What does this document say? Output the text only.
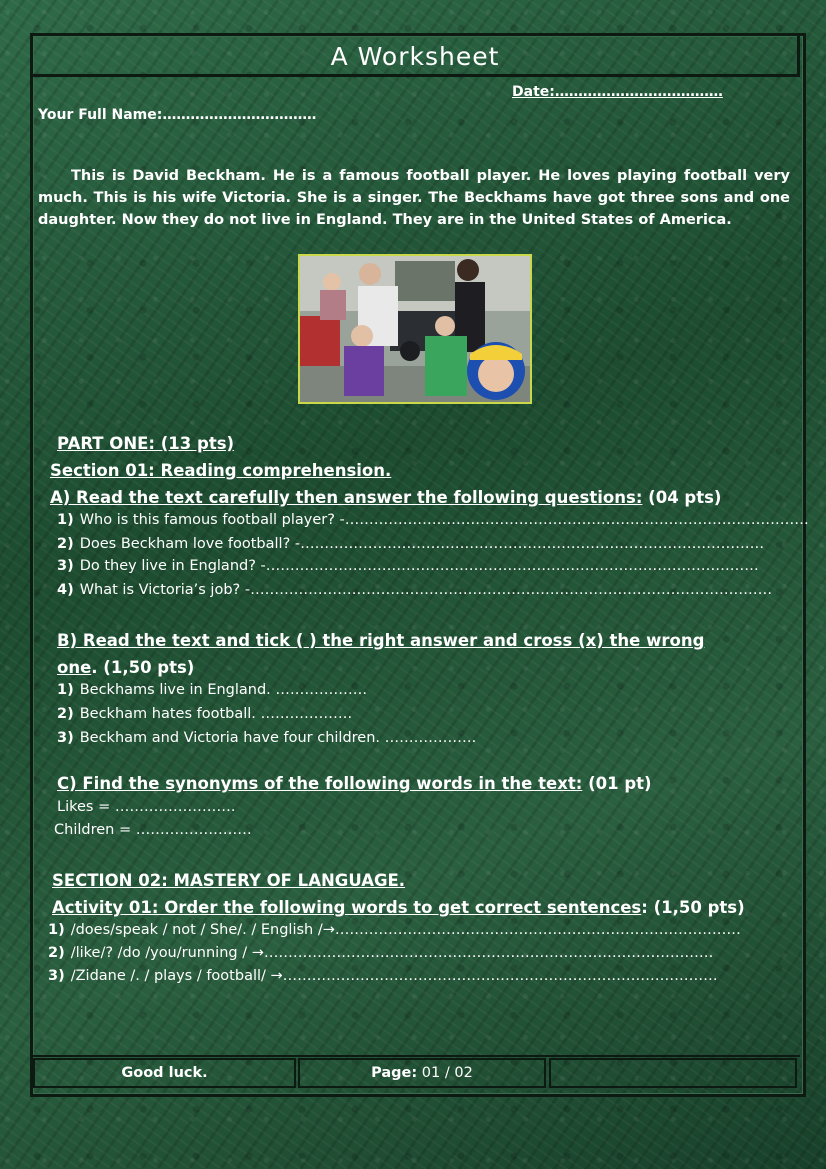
A Worksheet
Date:………………………………
Your Full Name:……………………………
This is David Beckham. He is a famous football player. He loves playing football very much. This is his wife Victoria. She is a singer. The Beckhams have got three sons and one daughter. Now they do not live in England. They are in the United States of America.
PART ONE: (13 pts)
Section 01: Reading comprehension.
A) Read the text carefully then answer the following questions: (04 pts)
1) Who is this famous football player? -……………………………………………………………………………………
2) Does Beckham love football? -……………………………………………………………………………………
3) Do they live in England? -…………………………………………………………………………………………
4) What is Victoria’s job? -………………………………………………………………………………………………
B) Read the text and tick ( ) the right answer and cross (x) the wrong
one. (1,50 pts)
1) Beckhams live in England. ……………….
2) Beckham hates football. ……………….
3) Beckham and Victoria have four children. ……………….
C) Find the synonyms of the following words in the text: (01 pt)
Likes = …………………….
Children = ……………………
SECTION 02: MASTERY OF LANGUAGE.
Activity 01: Order the following words to get correct sentences: (1,50 pts)
1) /does/speak / not / She/. / English /→…………………………………………………………………………
2) /like/? /do /you/running / →…………………………………………………………………………………
3) /Zidane /. / plays / football/ →………………………………………………………………………………
Good luck.	Page: 01 / 02
